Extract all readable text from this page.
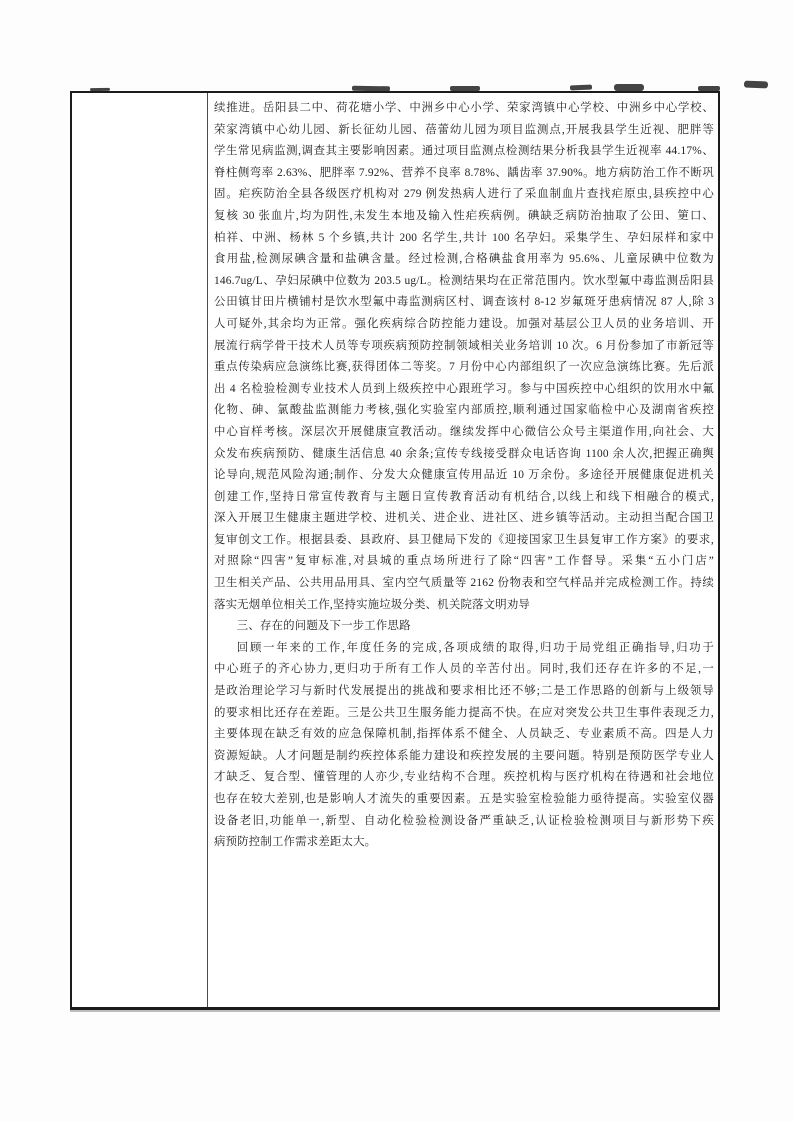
续推进。岳阳县二中、荷花塘小学、中洲乡中心小学、荣家湾镇中心学校、中洲乡中心学校、
荣家湾镇中心幼儿园、新长征幼儿园、蓓蕾幼儿园为项目监测点,开展我县学生近视、肥胖等
学生常见病监测,调查其主要影响因素。通过项目监测点检测结果分析我县学生近视率 44.17%、
脊柱侧弯率 2.63%、肥胖率 7.92%、营养不良率 8.78%、龋齿率 37.90%。地方病防治工作不断巩
固。疟疾防治全县各级医疗机构对 279 例发热病人进行了采血制血片查找疟原虫,县疾控中心
复核 30 张血片,均为阴性,未发生本地及输入性疟疾病例。碘缺乏病防治抽取了公田、筻口、
柏祥、中洲、杨林 5 个乡镇,共计 200 名学生,共计 100 名孕妇。采集学生、孕妇尿样和家中
食用盐,检测尿碘含量和盐碘含量。经过检测,合格碘盐食用率为 95.6%、儿童尿碘中位数为
146.7ug/L、孕妇尿碘中位数为 203.5 ug/L。检测结果均在正常范围内。饮水型氟中毒监测岳阳县
公田镇甘田片横铺村是饮水型氟中毒监测病区村、调查该村 8-12 岁氟斑牙患病情况 87 人,除 3
人可疑外,其余均为正常。强化疾病综合防控能力建设。加强对基层公卫人员的业务培训、开
展流行病学骨干技术人员等专项疾病预防控制领域相关业务培训 10 次。6 月份参加了市新冠等
重点传染病应急演练比赛,获得团体二等奖。7 月份中心内部组织了一次应急演练比赛。先后派
出 4 名检验检测专业技术人员到上级疾控中心跟班学习。参与中国疾控中心组织的饮用水中氟
化物、砷、氯酸盐监测能力考核,强化实验室内部质控,顺利通过国家临检中心及湖南省疾控
中心盲样考核。深层次开展健康宣教活动。继续发挥中心微信公众号主渠道作用,向社会、大
众发布疾病预防、健康生活信息 40 余条;宣传专线接受群众电话咨询 1100 余人次,把握正确舆
论导向,规范风险沟通;制作、分发大众健康宣传用品近 10 万余份。多途径开展健康促进机关
创建工作,坚持日常宣传教育与主题日宣传教育活动有机结合,以线上和线下相融合的模式,
深入开展卫生健康主题进学校、进机关、进企业、进社区、进乡镇等活动。主动担当配合国卫
复审创文工作。根据县委、县政府、县卫健局下发的《迎接国家卫生县复审工作方案》的要求,
对照除“四害”复审标准,对县城的重点场所进行了除“四害”工作督导。采集“五小门店”
卫生相关产品、公共用品用具、室内空气质量等 2162 份物表和空气样品并完成检测工作。持续
落实无烟单位相关工作,坚持实施垃圾分类、机关院落文明劝导
三、存在的问题及下一步工作思路
回顾一年来的工作,年度任务的完成,各项成绩的取得,归功于局党组正确指导,归功于
中心班子的齐心协力,更归功于所有工作人员的辛苦付出。同时,我们还存在许多的不足,一
是政治理论学习与新时代发展提出的挑战和要求相比还不够;二是工作思路的创新与上级领导
的要求相比还存在差距。三是公共卫生服务能力提高不快。在应对突发公共卫生事件表现乏力,
主要体现在缺乏有效的应急保障机制,指挥体系不健全、人员缺乏、专业素质不高。四是人力
资源短缺。人才问题是制约疾控体系能力建设和疾控发展的主要问题。特别是预防医学专业人
才缺乏、复合型、懂管理的人亦少,专业结构不合理。疾控机构与医疗机构在待遇和社会地位
也存在较大差别,也是影响人才流失的重要因素。五是实验室检验能力亟待提高。实验室仪器
设备老旧,功能单一,新型、自动化检验检测设备严重缺乏,认证检验检测项目与新形势下疾
病预防控制工作需求差距太大。
